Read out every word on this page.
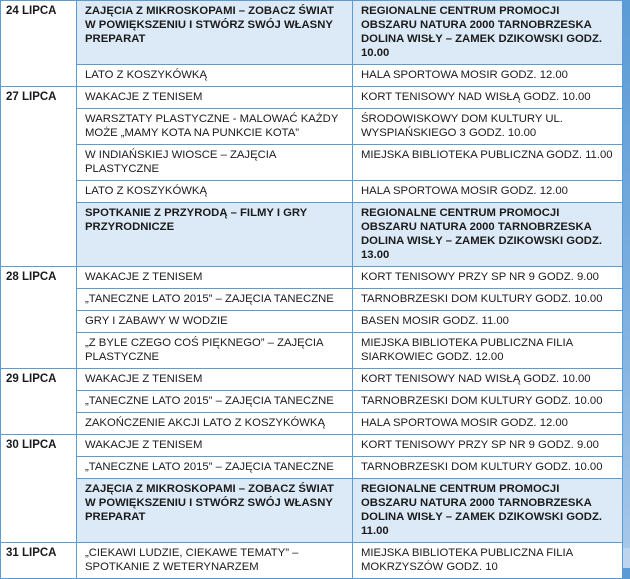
24 LIPCA	ZAJĘCIA Z MIKROSKOPAMI – ZOBACZ ŚWIAT W POWIĘKSZENIU I STWÓRZ SWÓJ WŁASNY PREPARAT	REGIONALNE CENTRUM PROMOCJI OBSZARU NATURA 2000 TARNOBRZESKA DOLINA WISŁY – ZAMEK DZIKOWSKI GODZ. 10.00
	LATO Z KOSZYKÓWKĄ	HALA SPORTOWA MOSIR GODZ. 12.00
27 LIPCA	WAKACJE Z TENISEM	KORT TENISOWY NAD WISŁĄ GODZ. 10.00
	WARSZTATY PLASTYCZNE - MALOWAĆ KAŻDY MOŻE „MAMY KOTA NA PUNKCIE KOTA”	ŚRODOWISKOWY DOM KULTURY UL. WYSPIAŃSKIEGO 3 GODZ. 10.00
	W INDIAŃSKIEJ WIOSCE – ZAJĘCIA PLASTYCZNE	MIEJSKA BIBLIOTEKA PUBLICZNA GODZ. 11.00
	LATO Z KOSZYKÓWKĄ	HALA SPORTOWA MOSIR GODZ. 12.00
	SPOTKANIE Z PRZYRODĄ – FILMY I GRY PRZYRODNICZE	REGIONALNE CENTRUM PROMOCJI OBSZARU NATURA 2000 TARNOBRZESKA DOLINA WISŁY – ZAMEK DZIKOWSKI GODZ. 13.00
28 LIPCA	WAKACJE Z TENISEM	KORT TENISOWY PRZY SP NR 9 GODZ. 9.00
	„TANECZNE LATO 2015” – ZAJĘCIA TANECZNE	TARNOBRZESKI DOM KULTURY GODZ. 10.00
	GRY I ZABAWY W WODZIE	BASEN MOSIR GODZ. 11.00
	„Z BYLE CZEGO COŚ PIĘKNEGO” – ZAJĘCIA PLASTYCZNE	MIEJSKA BIBLIOTEKA PUBLICZNA FILIA SIARKOWIEC GODZ. 12.00
29 LIPCA	WAKACJE Z TENISEM	KORT TENISOWY NAD WISŁĄ GODZ. 10.00
	„TANECZNE LATO 2015” – ZAJĘCIA TANECZNE	TARNOBRZESKI DOM KULTURY GODZ. 10.00
	ZAKOŃCZENIE AKCJI LATO Z KOSZYKÓWKĄ	HALA SPORTOWA MOSIR GODZ. 12.00
30 LIPCA	WAKACJE Z TENISEM	KORT TENISOWY PRZY SP NR 9 GODZ. 9.00
	„TANECZNE LATO 2015” – ZAJĘCIA TANECZNE	TARNOBRZESKI DOM KULTURY GODZ. 10.00
	ZAJĘCIA Z MIKROSKOPAMI – ZOBACZ ŚWIAT W POWIĘKSZENIU I STWÓRZ SWÓJ WŁASNY PREPARAT	REGIONALNE CENTRUM PROMOCJI OBSZARU NATURA 2000 TARNOBRZESKA DOLINA WISŁY – ZAMEK DZIKOWSKI GODZ. 11.00
31 LIPCA	„CIEKAWI LUDZIE, CIEKAWE TEMATY” – SPOTKANIE Z WETERYNARZEM	MIEJSKA BIBLIOTEKA PUBLICZNA FILIA MOKRZYSZÓW GODZ. 10
